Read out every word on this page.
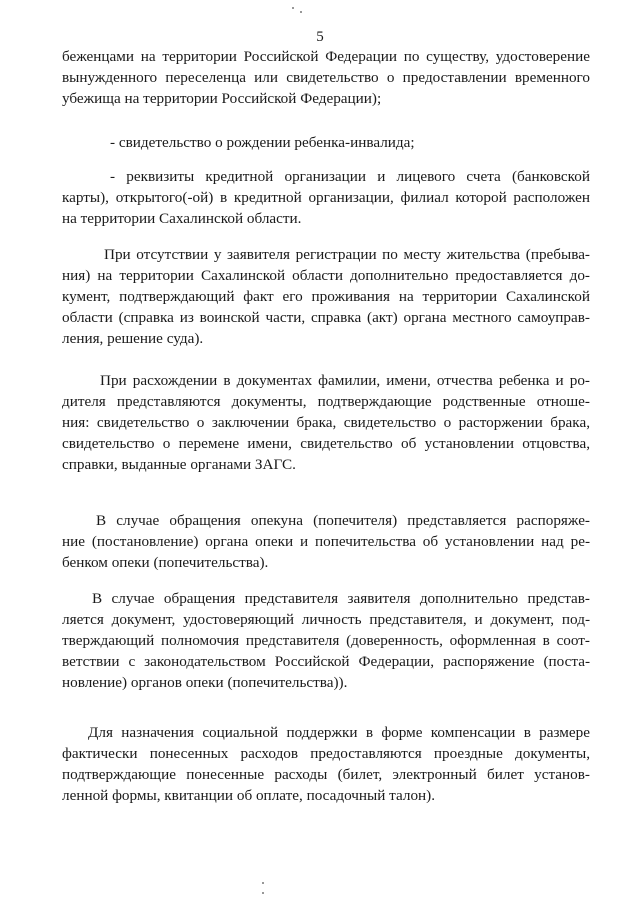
5
беженцами на территории Российской Федерации по существу, удостоверение
вынужденного переселенца или свидетельство о предоставлении временного
убежища на территории Российской Федерации);
- свидетельство о рождении ребенка-инвалида;
- реквизиты кредитной организации и лицевого счета (банковской
карты), открытого(-ой) в кредитной организации, филиал которой расположен
на территории Сахалинской области.
При отсутствии у заявителя регистрации по месту жительства (пребыва-
ния) на территории Сахалинской области дополнительно предоставляется до-
кумент, подтверждающий факт его проживания на территории Сахалинской
области (справка из воинской части, справка (акт) органа местного самоуправ-
ления, решение суда).
При расхождении в документах фамилии, имени, отчества ребенка и ро-
дителя представляются документы, подтверждающие родственные отноше-
ния: свидетельство о заключении брака, свидетельство о расторжении брака,
свидетельство о перемене имени, свидетельство об установлении отцовства,
справки, выданные органами ЗАГС.
В случае обращения опекуна (попечителя) представляется распоряже-
ние (постановление) органа опеки и попечительства об установлении над ре-
бенком опеки (попечительства).
В случае обращения представителя заявителя дополнительно представ-
ляется документ, удостоверяющий личность представителя, и документ, под-
тверждающий полномочия представителя (доверенность, оформленная в соот-
ветствии с законодательством Российской Федерации, распоряжение (поста-
новление) органов опеки (попечительства)).
Для назначения социальной поддержки в форме компенсации в размере
фактически понесенных расходов предоставляются проездные документы,
подтверждающие понесенные расходы (билет, электронный билет установ-
ленной формы, квитанции об оплате, посадочный талон).
